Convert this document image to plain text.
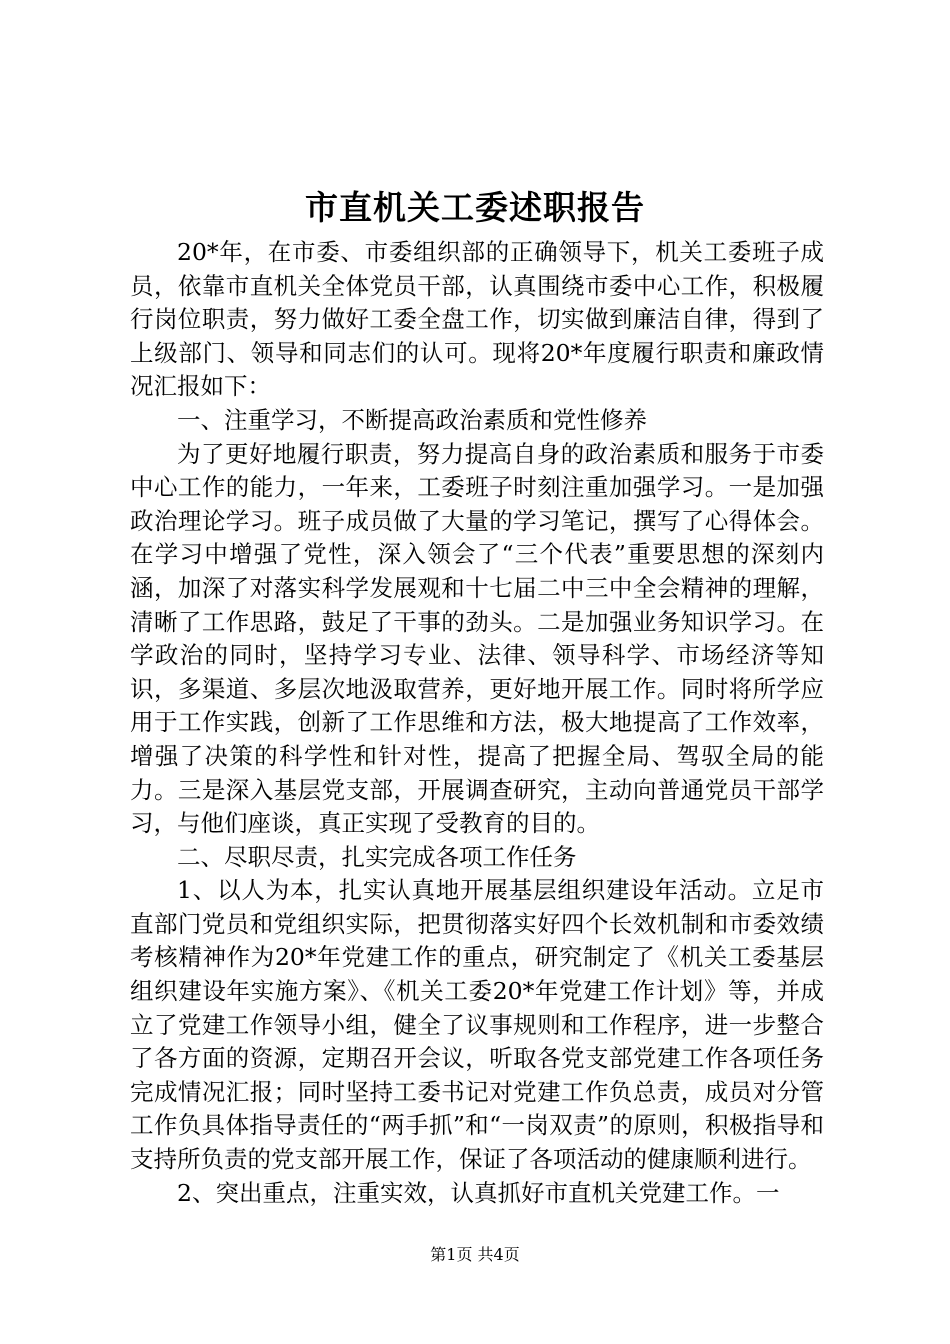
市直机关工委述职报告

20*年，在市委、市委组织部的正确领导下，机关工委班子成员，依靠市直机关全体党员干部，认真围绕市委中心工作，积极履行岗位职责，努力做好工委全盘工作，切实做到廉洁自律，得到了上级部门、领导和同志们的认可。现将20*年度履行职责和廉政情况汇报如下：

一、注重学习，不断提高政治素质和党性修养

为了更好地履行职责，努力提高自身的政治素质和服务于市委中心工作的能力，一年来，工委班子时刻注重加强学习。一是加强政治理论学习。班子成员做了大量的学习笔记，撰写了心得体会。在学习中增强了党性，深入领会了“三个代表”重要思想的深刻内涵，加深了对落实科学发展观和十七届二中三中全会精神的理解，清晰了工作思路，鼓足了干事的劲头。二是加强业务知识学习。在学政治的同时，坚持学习专业、法律、领导科学、市场经济等知识，多渠道、多层次地汲取营养，更好地开展工作。同时将所学应用于工作实践，创新了工作思维和方法，极大地提高了工作效率，增强了决策的科学性和针对性，提高了把握全局、驾驭全局的能力。三是深入基层党支部，开展调查研究，主动向普通党员干部学习，与他们座谈，真正实现了受教育的目的。

二、尽职尽责，扎实完成各项工作任务

1、以人为本，扎实认真地开展基层组织建设年活动。立足市直部门党员和党组织实际，把贯彻落实好四个长效机制和市委效绩考核精神作为20*年党建工作的重点，研究制定了《机关工委基层组织建设年实施方案》、《机关工委20*年党建工作计划》等，并成立了党建工作领导小组，健全了议事规则和工作程序，进一步整合了各方面的资源，定期召开会议，听取各党支部党建工作各项任务完成情况汇报；同时坚持工委书记对党建工作负总责，成员对分管工作负具体指导责任的“两手抓”和“一岗双责”的原则，积极指导和支持所负责的党支部开展工作，保证了各项活动的健康顺利进行。

2、突出重点，注重实效，认真抓好市直机关党建工作。一

第1页 共4页
